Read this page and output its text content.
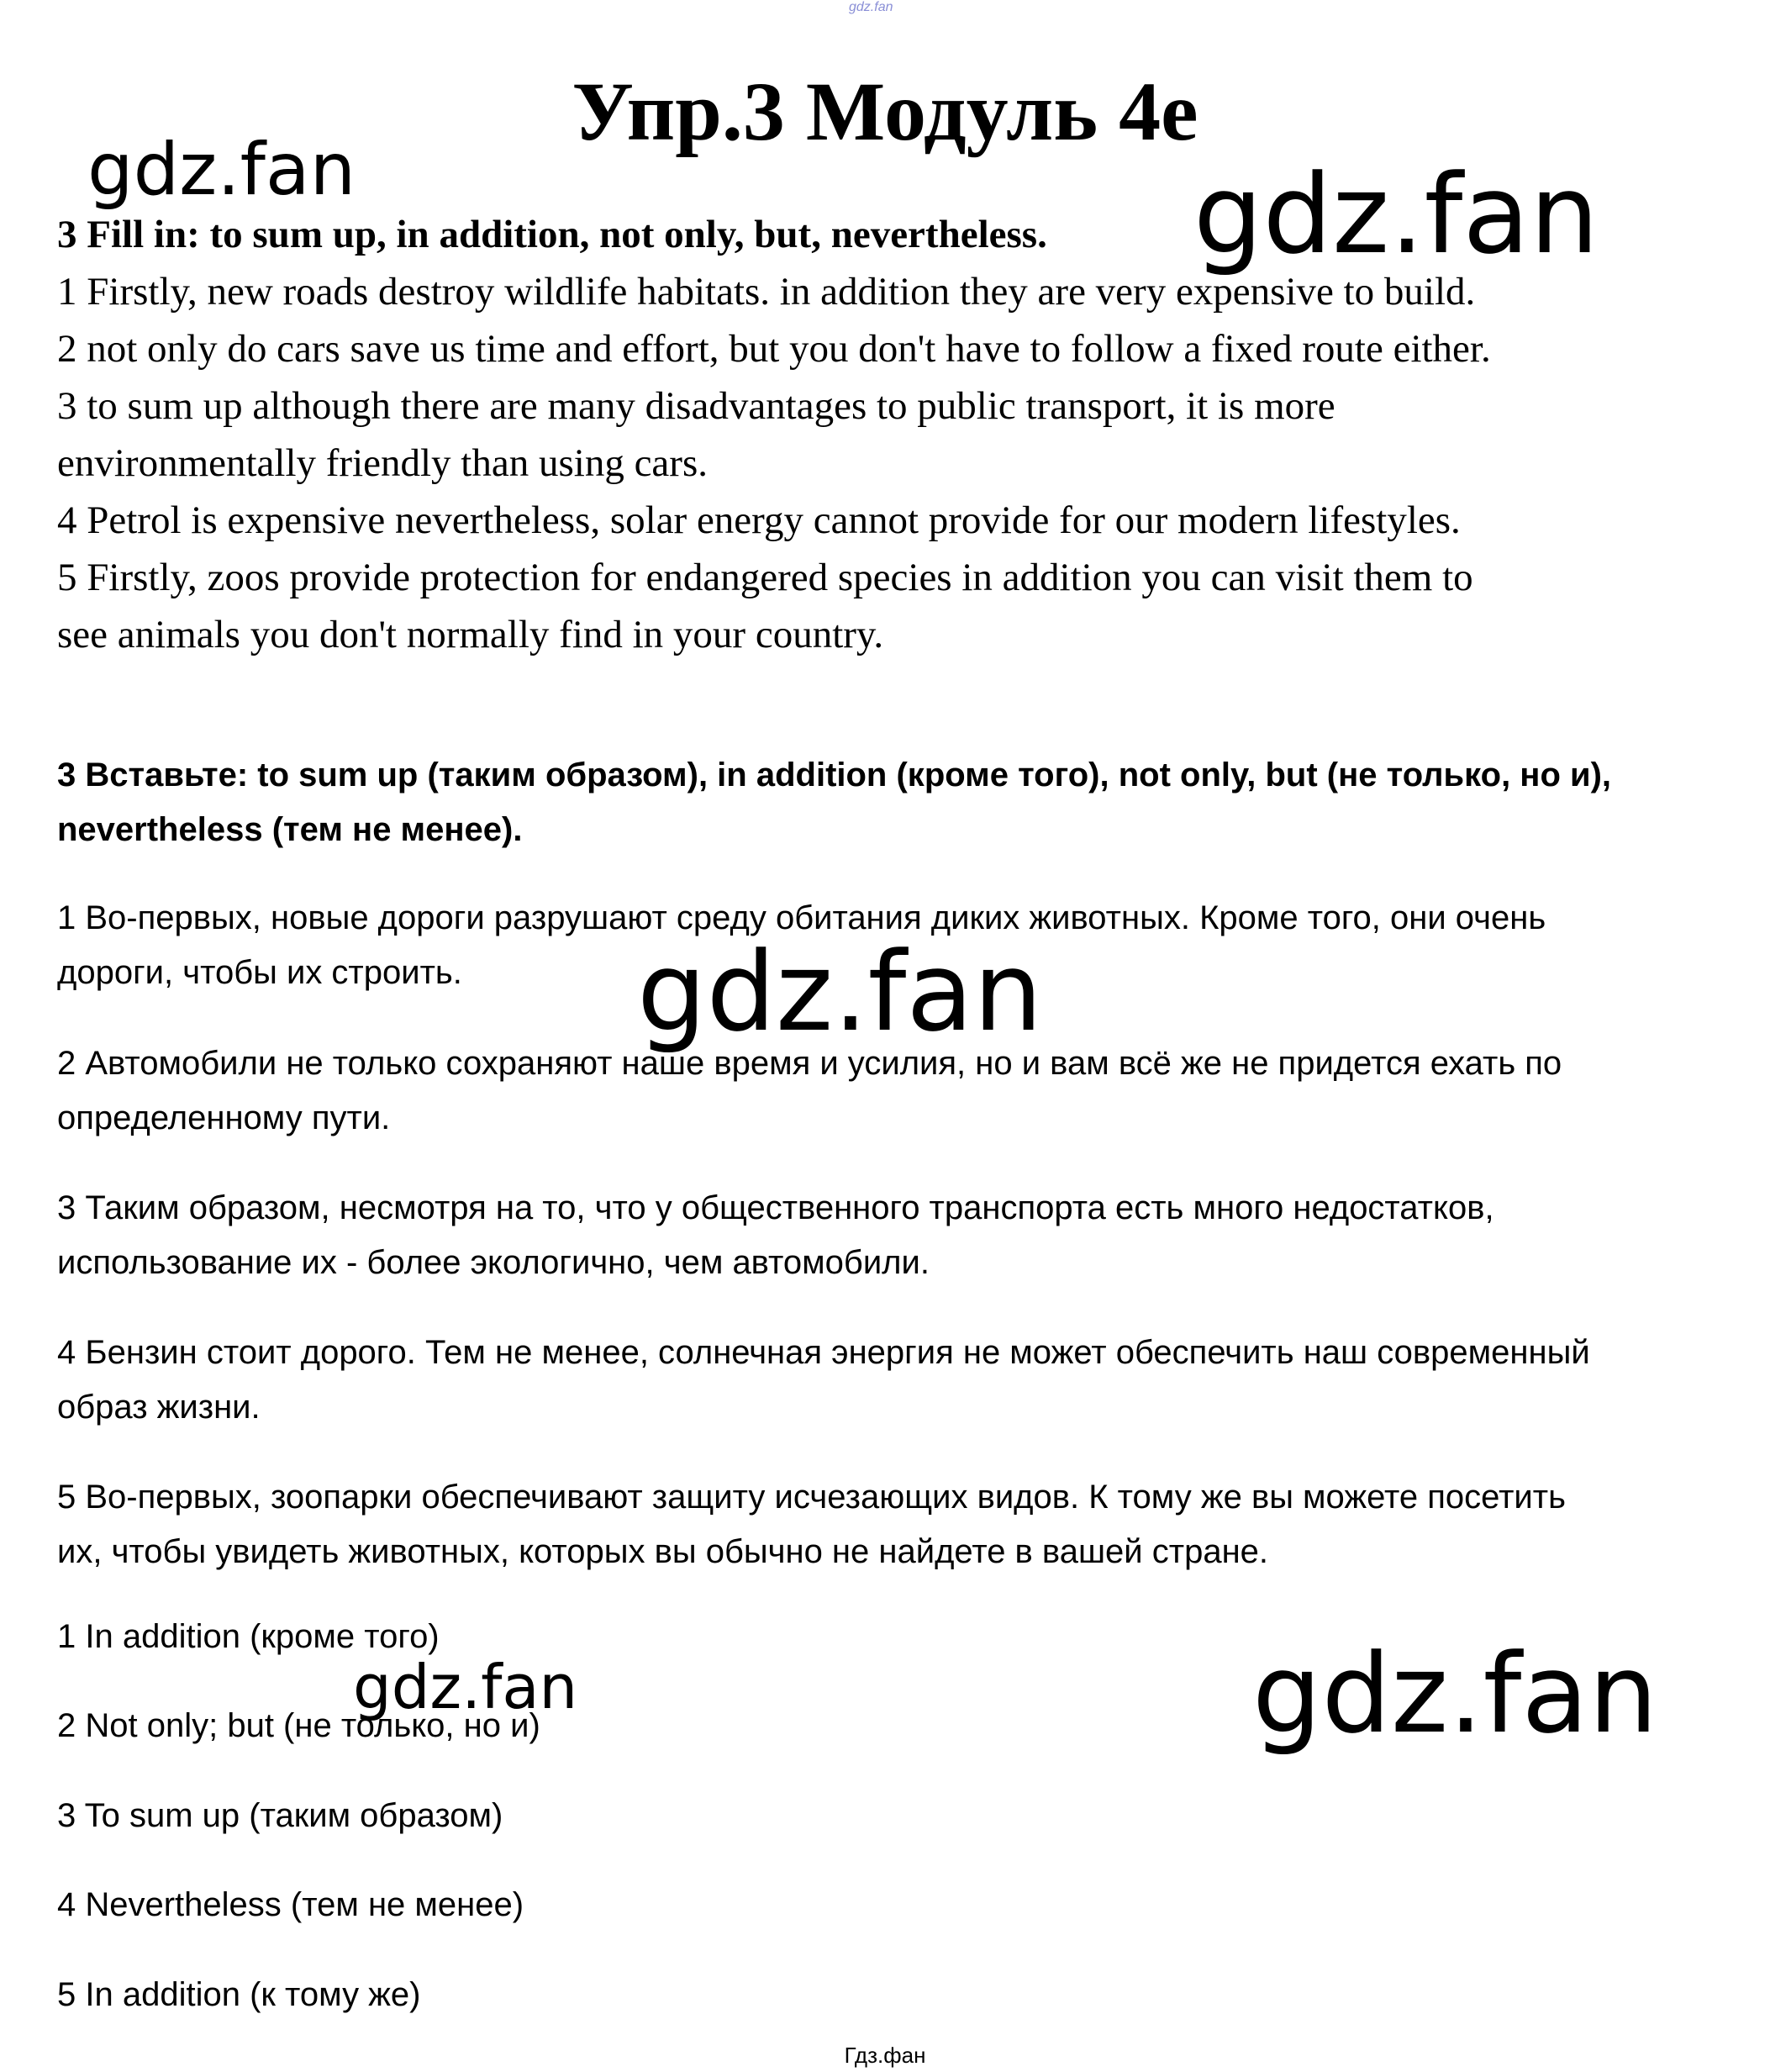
gdz.fan
Упр.3 Модуль 4е
gdz.fan	gdz.fan
3 Fill in: to sum up, in addition, not only, but, nevertheless.
1 Firstly, new roads destroy wildlife habitats. in addition they are very expensive to build.
2 not only do cars save us time and effort, but you don't have to follow a fixed route either.
3 to sum up although there are many disadvantages to public transport, it is more
environmentally friendly than using cars.
4 Petrol is expensive nevertheless, solar energy cannot provide for our modern lifestyles.
5 Firstly, zoos provide protection for endangered species in addition you can visit them to
see animals you don't normally find in your country.
3 Вставьте: to sum up (таким образом), in addition (кроме того), not only, but (не только, но и),
nevertheless (тем не менее).
1 Во-первых, новые дороги разрушают среду обитания диких животных. Кроме того, они очень
дороги, чтобы их строить.	gdz.fan
2 Автомобили не только сохраняют наше время и усилия, но и вам всё же не придется ехать по
определенному пути.
3 Таким образом, несмотря на то, что у общественного транспорта есть много недостатков,
использование их - более экологично, чем автомобили.
4 Бензин стоит дорого. Тем не менее, солнечная энергия не может обеспечить наш современный
образ жизни.
5 Во-первых, зоопарки обеспечивают защиту исчезающих видов. К тому же вы можете посетить
их, чтобы увидеть животных, которых вы обычно не найдете в вашей стране.
1 In addition (кроме того)
2 Not only; but (не только, но и)
3 To sum up (таким образом)
4 Nevertheless (тем не менее)
5 In addition (к тому же)
gdz.fan	gdz.fan
Гдз.фан
